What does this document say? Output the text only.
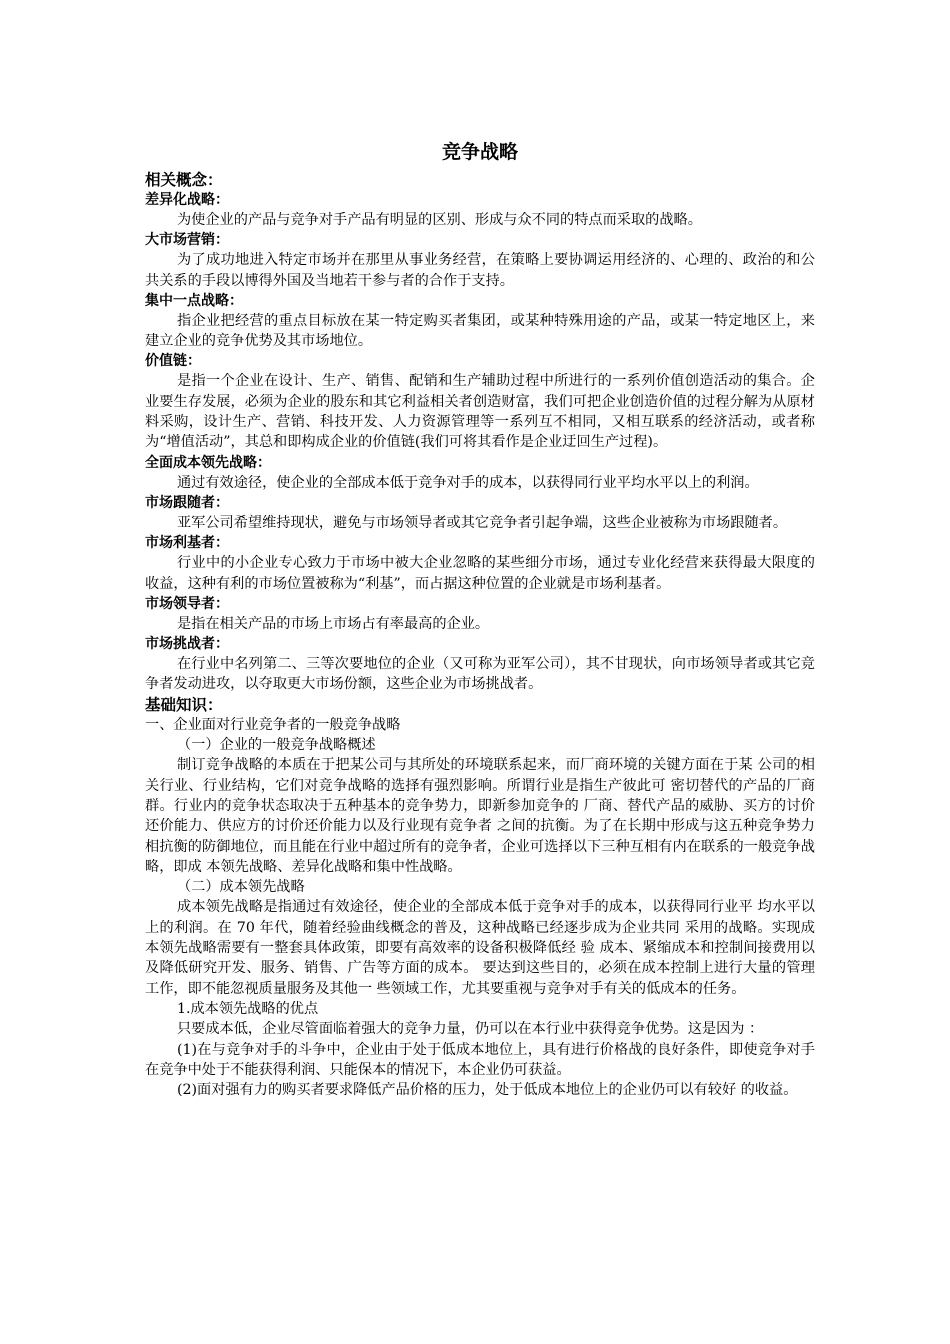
竞争战略
相关概念：
差异化战略：
为使企业的产品与竞争对手产品有明显的区别、形成与众不同的特点而采取的战略。
大市场营销：
为了成功地进入特定市场并在那里从事业务经营，在策略上要协调运用经济的、心理的、政治的和公共关系的手段以博得外国及当地若干参与者的合作于支持。
集中一点战略：
指企业把经营的重点目标放在某一特定购买者集团，或某种特殊用途的产品，或某一特定地区上，来建立企业的竞争优势及其市场地位。
价值链：
是指一个企业在设计、生产、销售、配销和生产辅助过程中所进行的一系列价值创造活动的集合。企业要生存发展，必须为企业的股东和其它利益相关者创造财富，我们可把企业创造价值的过程分解为从原材料采购，设计生产、营销、科技开发、人力资源管理等一系列互不相同，又相互联系的经济活动，或者称为“增值活动”，其总和即构成企业的价值链(我们可将其看作是企业迂回生产过程)。
全面成本领先战略：
通过有效途径，使企业的全部成本低于竞争对手的成本，以获得同行业平均水平以上的利润。
市场跟随者：
亚军公司希望维持现状，避免与市场领导者或其它竞争者引起争端，这些企业被称为市场跟随者。
市场利基者：
行业中的小企业专心致力于市场中被大企业忽略的某些细分市场，通过专业化经营来获得最大限度的收益，这种有利的市场位置被称为“利基”，而占据这种位置的企业就是市场利基者。
市场领导者：
是指在相关产品的市场上市场占有率最高的企业。
市场挑战者：
在行业中名列第二、三等次要地位的企业（又可称为亚军公司），其不甘现状，向市场领导者或其它竞争者发动进攻，以夺取更大市场份额，这些企业为市场挑战者。
基础知识：
一、企业面对行业竞争者的一般竞争战略
（一）企业的一般竞争战略概述
制订竞争战略的本质在于把某公司与其所处的环境联系起来，而厂商环境的关键方面在于某 公司的相关行业、行业结构，它们对竞争战略的选择有强烈影响。所谓行业是指生产彼此可 密切替代的产品的厂商群。行业内的竞争状态取决于五种基本的竞争势力，即新参加竞争的 厂商、替代产品的威胁、买方的讨价还价能力、供应方的讨价还价能力以及行业现有竞争者 之间的抗衡。为了在长期中形成与这五种竞争势力相抗衡的防御地位，而且能在行业中超过所有的竞争者，企业可选择以下三种互相有内在联系的一般竞争战略，即成 本领先战略、差异化战略和集中性战略。
（二）成本领先战略
成本领先战略是指通过有效途径，使企业的全部成本低于竞争对手的成本，以获得同行业平 均水平以上的利润。在 70 年代，随着经验曲线概念的普及，这种战略已经逐步成为企业共同 采用的战略。实现成本领先战略需要有一整套具体政策，即要有高效率的设备积极降低经 验 成本、紧缩成本和控制间接费用以及降低研究开发、服务、销售、广告等方面的成本。 要达到这些目的，必须在成本控制上进行大量的管理工作，即不能忽视质量服务及其他一 些领域工作，尤其要重视与竞争对手有关的低成本的任务。
1.成本领先战略的优点
只要成本低，企业尽管面临着强大的竞争力量，仍可以在本行业中获得竞争优势。这是因为 ：
(1)在与竞争对手的斗争中，企业由于处于低成本地位上，具有进行价格战的良好条件，即使竞争对手在竞争中处于不能获得利润、只能保本的情况下，本企业仍可获益。
(2)面对强有力的购买者要求降低产品价格的压力，处于低成本地位上的企业仍可以有较好 的收益。
